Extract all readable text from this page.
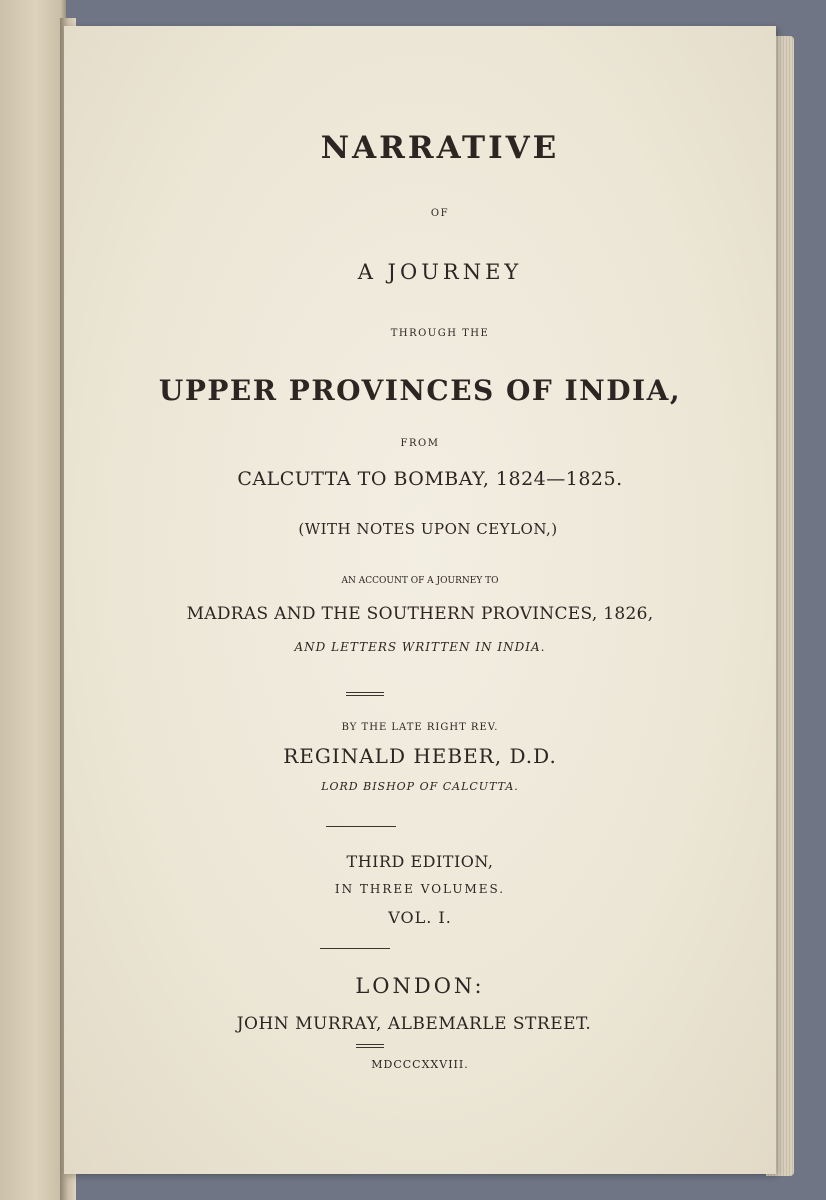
NARRATIVE

OF

A JOURNEY

THROUGH THE

UPPER PROVINCES OF INDIA,

FROM

CALCUTTA TO BOMBAY, 1824—1825.

(WITH NOTES UPON CEYLON,)

AN ACCOUNT OF A JOURNEY TO

MADRAS AND THE SOUTHERN PROVINCES, 1826,

AND LETTERS WRITTEN IN INDIA.

BY THE LATE RIGHT REV.

REGINALD HEBER, D.D.

LORD BISHOP OF CALCUTTA.

THIRD EDITION,

IN THREE VOLUMES.

VOL. I.

LONDON:

JOHN MURRAY, ALBEMARLE STREET.

MDCCCXXVIII.
